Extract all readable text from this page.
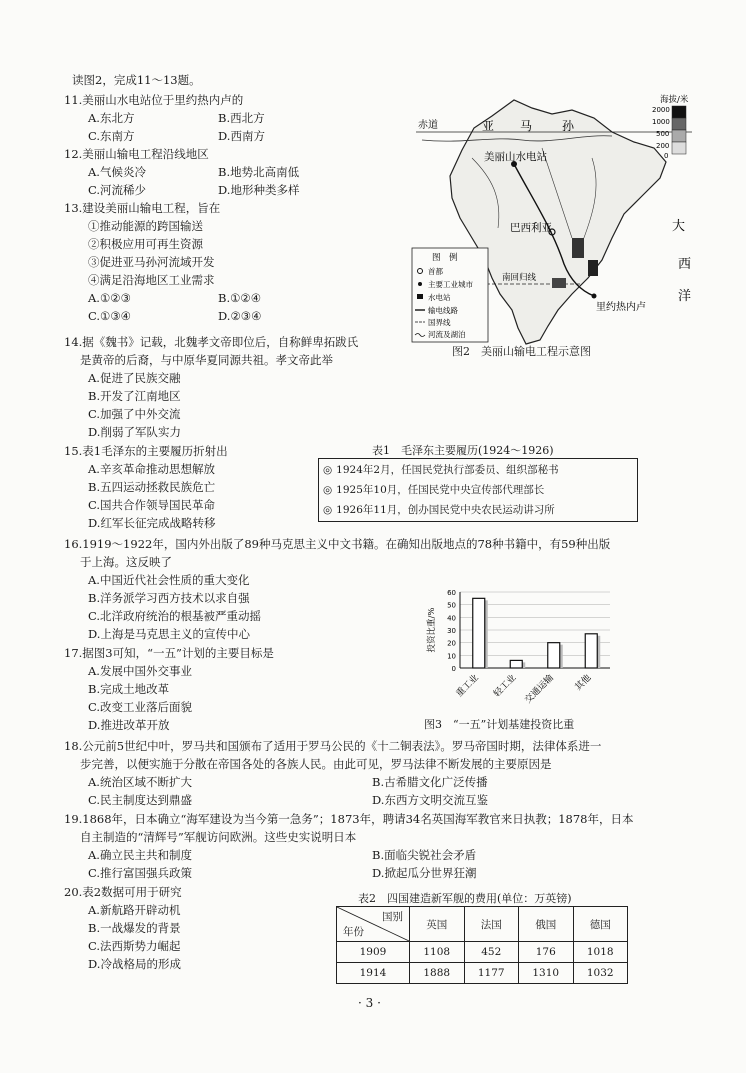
读图2，完成11～13题。
11.美丽山水电站位于里约热内卢的
A.东北方	B.西北方
C.东南方	D.西南方
12.美丽山输电工程沿线地区
A.气候炎冷	B.地势北高南低
C.河流稀少	D.地形种类多样
13.建设美丽山输电工程，旨在
①推动能源的跨国输送
②积极应用可再生资源
③促进亚马孙河流域开发
④满足沿海地区工业需求
A.①②③	B.①②④
C.①③④	D.②③④
赤道	亚 马 孙
美丽山水电站
巴西利亚
里约热内卢
大
西
洋
南回归线
海拔/米
2000
1000
500
200
0
图　例
首都
主要工业城市
水电站
输电线路
国界线
河流及湖泊
图2　美丽山输电工程示意图
14.据《魏书》记载，北魏孝文帝即位后，自称鲜卑拓跋氏
是黄帝的后裔，与中原华夏同源共祖。孝文帝此举
A.促进了民族交融
B.开发了江南地区
C.加强了中外交流
D.削弱了军队实力
15.表1毛泽东的主要履历折射出
A.辛亥革命推动思想解放
B.五四运动拯救民族危亡
C.国共合作领导国民革命
D.红军长征完成战略转移
表1　毛泽东主要履历(1924～1926)
◎ 1924年2月，任国民党执行部委员、组织部秘书
◎ 1925年10月，任国民党中央宣传部代理部长
◎ 1926年11月，创办国民党中央农民运动讲习所
16.1919～1922年，国内外出版了89种马克思主义中文书籍。在确知出版地点的78种书籍中，有59种出版
于上海。这反映了
A.中国近代社会性质的重大变化
B.洋务派学习西方技术以求自强
C.北洋政府统治的根基被严重动摇
D.上海是马克思主义的宣传中心
17.据图3可知，“一五”计划的主要目标是
A.发展中国外交事业
B.完成土地改革
C.改变工业落后面貌
D.推进改革开放
0
10
20
30
40
50
60
投资比重/%
重工业 轻工业 交通运输 其他
图3　“一五”计划基建投资比重
18.公元前5世纪中叶，罗马共和国颁布了适用于罗马公民的《十二铜表法》。罗马帝国时期，法律体系进一
步完善，以便实施于分散在帝国各处的各族人民。由此可见，罗马法律不断发展的主要原因是
A.统治区域不断扩大	B.古希腊文化广泛传播
C.民主制度达到鼎盛	D.东西方文明交流互鉴
19.1868年，日本确立“海军建设为当今第一急务”；1873年，聘请34名英国海军教官来日执教；1878年，日本
自主制造的“清辉号”军舰访问欧洲。这些史实说明日本
A.确立民主共和制度	B.面临尖锐社会矛盾
C.推行富国强兵政策	D.掀起瓜分世界狂潮
20.表2数据可用于研究
A.新航路开辟动机
B.一战爆发的背景
C.法西斯势力崛起
D.冷战格局的形成
表2　四国建造新军舰的费用(单位：万英镑)
国别
年份	英国	法国	俄国	德国
1909	1108	452	176	1018
1914	1888	1177	1310	1032
· 3 ·
